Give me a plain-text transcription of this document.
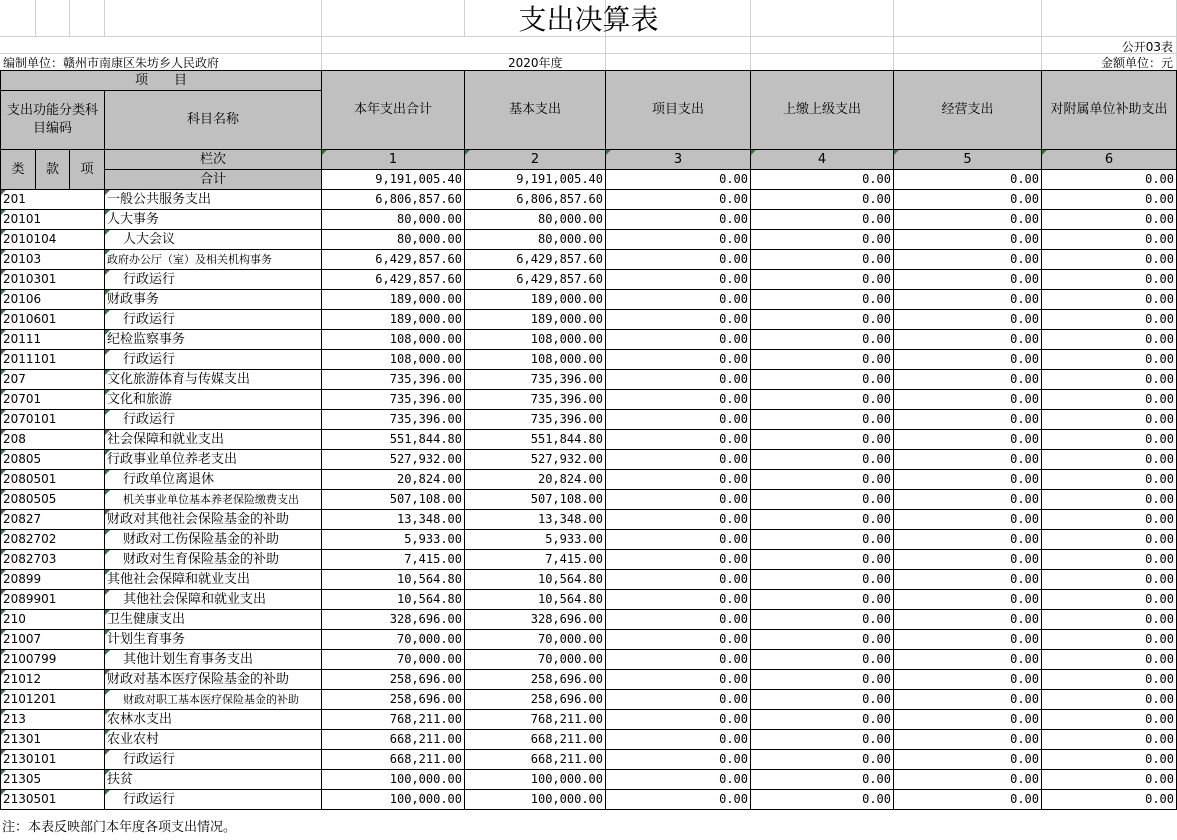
支出决算表
公开03表
编制单位：赣州市南康区朱坊乡人民政府	2020年度	金额单位：元
项　　目				本年支出合计	基本支出	项目支出	上缴上级支出	经营支出	对附属单位补助支出
支出功能分类科目编码			科目名称						
类	款	项	栏次	1	2	3	4	5	6
			合计	9,191,005.40	9,191,005.40	0.00	0.00	0.00	0.00
201			一般公共服务支出	6,806,857.60	6,806,857.60	0.00	0.00	0.00	0.00
20101			人大事务	80,000.00	80,000.00	0.00	0.00	0.00	0.00
2010104			人大会议	80,000.00	80,000.00	0.00	0.00	0.00	0.00
20103			政府办公厅（室）及相关机构事务	6,429,857.60	6,429,857.60	0.00	0.00	0.00	0.00
2010301			行政运行	6,429,857.60	6,429,857.60	0.00	0.00	0.00	0.00
20106			财政事务	189,000.00	189,000.00	0.00	0.00	0.00	0.00
2010601			行政运行	189,000.00	189,000.00	0.00	0.00	0.00	0.00
20111			纪检监察事务	108,000.00	108,000.00	0.00	0.00	0.00	0.00
2011101			行政运行	108,000.00	108,000.00	0.00	0.00	0.00	0.00
207			文化旅游体育与传媒支出	735,396.00	735,396.00	0.00	0.00	0.00	0.00
20701			文化和旅游	735,396.00	735,396.00	0.00	0.00	0.00	0.00
2070101			行政运行	735,396.00	735,396.00	0.00	0.00	0.00	0.00
208			社会保障和就业支出	551,844.80	551,844.80	0.00	0.00	0.00	0.00
20805			行政事业单位养老支出	527,932.00	527,932.00	0.00	0.00	0.00	0.00
2080501			行政单位离退休	20,824.00	20,824.00	0.00	0.00	0.00	0.00
2080505			机关事业单位基本养老保险缴费支出	507,108.00	507,108.00	0.00	0.00	0.00	0.00
20827			财政对其他社会保险基金的补助	13,348.00	13,348.00	0.00	0.00	0.00	0.00
2082702			财政对工伤保险基金的补助	5,933.00	5,933.00	0.00	0.00	0.00	0.00
2082703			财政对生育保险基金的补助	7,415.00	7,415.00	0.00	0.00	0.00	0.00
20899			其他社会保障和就业支出	10,564.80	10,564.80	0.00	0.00	0.00	0.00
2089901			其他社会保障和就业支出	10,564.80	10,564.80	0.00	0.00	0.00	0.00
210			卫生健康支出	328,696.00	328,696.00	0.00	0.00	0.00	0.00
21007			计划生育事务	70,000.00	70,000.00	0.00	0.00	0.00	0.00
2100799			其他计划生育事务支出	70,000.00	70,000.00	0.00	0.00	0.00	0.00
21012			财政对基本医疗保险基金的补助	258,696.00	258,696.00	0.00	0.00	0.00	0.00
2101201			财政对职工基本医疗保险基金的补助	258,696.00	258,696.00	0.00	0.00	0.00	0.00
213			农林水支出	768,211.00	768,211.00	0.00	0.00	0.00	0.00
21301			农业农村	668,211.00	668,211.00	0.00	0.00	0.00	0.00
2130101			行政运行	668,211.00	668,211.00	0.00	0.00	0.00	0.00
21305			扶贫	100,000.00	100,000.00	0.00	0.00	0.00	0.00
2130501			行政运行	100,000.00	100,000.00	0.00	0.00	0.00	0.00
注：本表反映部门本年度各项支出情况。
